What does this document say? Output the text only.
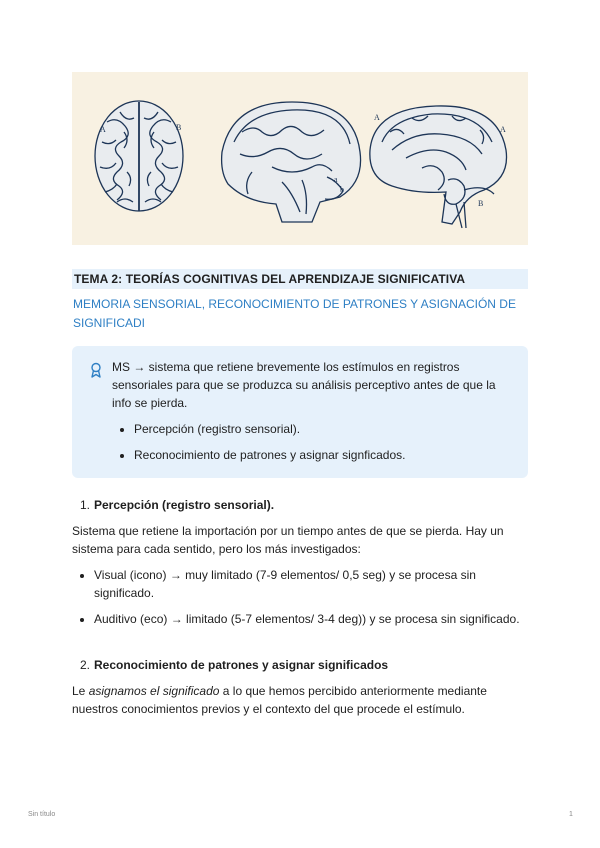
A	B
A
B
A
a
b
TEMA 2: TEORÍAS COGNITIVAS DEL APRENDIZAJE SIGNIFICATIVA
MEMORIA SENSORIAL, RECONOCIMIENTO DE PATRONES Y ASIGNACIÓN DE SIGNIFICADI
MS → sistema que retiene brevemente los estímulos en registros sensoriales para que se produzca su análisis perceptivo antes de que la info se pierda.
• Percepción (registro sensorial).
• Reconocimiento de patrones y asignar signficados.
1. Percepción (registro sensorial).

Sistema que retiene la importación por un tiempo antes de que se pierda. Hay un sistema para cada sentido, pero los más investigados:

• Visual (icono) → muy limitado (7-9 elementos/ 0,5 seg) y se procesa sin significado.
• Auditivo (eco) → limitado (5-7 elementos/ 3-4 deg)) y se procesa sin significado.
2. Reconocimiento de patrones y asignar significados

Le asignamos el significado a lo que hemos percibido anteriormente mediante nuestros conocimientos previos y el contexto del que procede el estímulo.

Sin título	1
